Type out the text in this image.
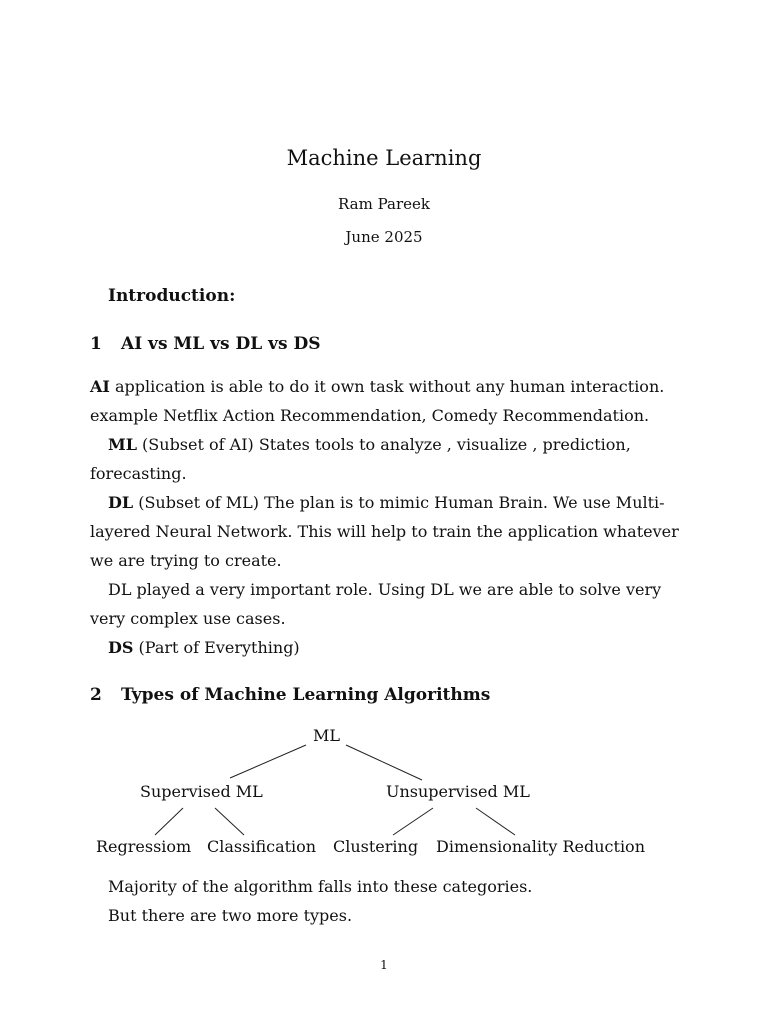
Machine Learning
Ram Pareek
June 2025
Introduction:
1 AI vs ML vs DL vs DS

AI application is able to do it own task without any human interaction. example Netflix Action Recommendation, Comedy Recommendation.

ML (Subset of AI) States tools to analyze , visualize , prediction, forecasting.

DL (Subset of ML) The plan is to mimic Human Brain. We use Multi-layered Neural Network. This will help to train the application whatever we are trying to create.

DL played a very important role. Using DL we are able to solve very very complex use cases.

DS (Part of Everything)

2 Types of Machine Learning Algorithms
ML
Supervised ML	Unsupervised ML
Regressiom Classification Clustering Dimensionality Reduction

Majority of the algorithm falls into these categories.

But there are two more types.

1
